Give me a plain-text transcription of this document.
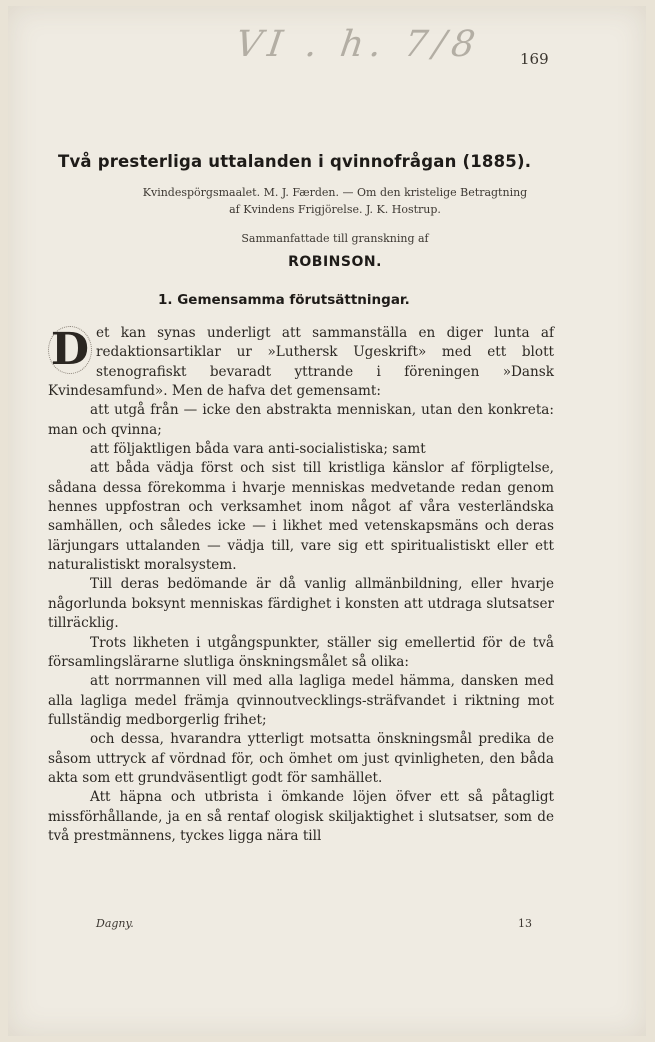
VI . h. 7/8 169
Två presterliga uttalanden i qvinnofrågan (1885).
Kvindespörgsmaalet. M. J. Færden. — Om den kristelige Betragtning
af Kvindens Frigjörelse. J. K. Hostrup.
Sammanfattade till granskning af
ROBINSON.
1. Gemensamma förutsättningar.

D et kan synas underligt att sammanställa en diger lunta af redaktionsartiklar ur »Luthersk Ugeskrift» med ett blott stenografiskt bevaradt yttrande i föreningen »Dansk Kvindesamfund». Men de hafva det gemensamt:

att utgå från — icke den abstrakta menniskan, utan den konkreta: man och qvinna;

att följaktligen båda vara anti-socialistiska; samt

att båda vädja först och sist till kristliga känslor af förpligtelse, sådana dessa förekomma i hvarje menniskas medvetande redan genom hennes uppfostran och verksamhet inom något af våra vesterländska samhällen, och således icke — i likhet med vetenskapsmäns och deras lärjungars uttalanden — vädja till, vare sig ett spiritualistiskt eller ett naturalistiskt moralsystem.

Till deras bedömande är då vanlig allmänbildning, eller hvarje någorlunda boksynt menniskas färdighet i konsten att utdraga slutsatser tillräcklig.

Trots likheten i utgångspunkter, ställer sig emellertid för de två församlingslärarne slutliga önskningsmålet så olika:

att norrmannen vill med alla lagliga medel hämma, dansken med alla lagliga medel främja qvinnoutvecklings-sträfvandet i riktning mot fullständig medborgerlig frihet;

och dessa, hvarandra ytterligt motsatta önskningsmål predika de såsom uttryck af vördnad för, och ömhet om just qvinligheten, den båda akta som ett grundväsentligt godt för samhället.

Att häpna och utbrista i ömkande löjen öfver ett så påtagligt missförhållande, ja en så rentaf ologisk skiljaktighet i slutsatser, som de två prestmännens, tyckes ligga nära till

Dagny.	13
